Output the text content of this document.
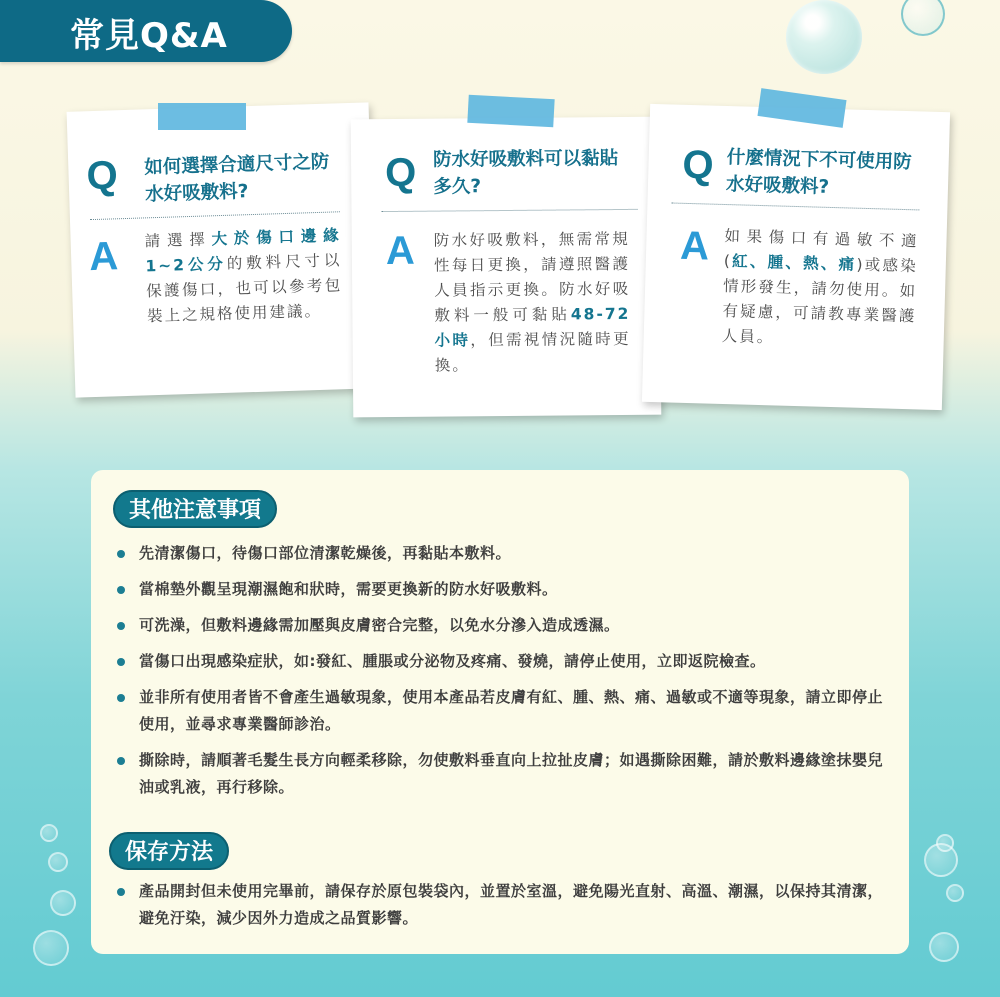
常見Q&A
Q 如何選擇合適尺寸之防水好吸敷料?
A 請選擇大於傷口邊緣1~2公分的敷料尺寸以保護傷口，也可以參考包裝上之規格使用建議。
Q 防水好吸敷料可以黏貼多久?
A 防水好吸敷料，無需常規性每日更換，請遵照醫護人員指示更換。防水好吸敷料一般可黏貼48-72小時，但需視情況隨時更換。
Q 什麼情況下不可使用防水好吸敷料?
A 如果傷口有過敏不適(紅、腫、熱、痛)或感染情形發生，請勿使用。如有疑慮，可請教專業醫護人員。
其他注意事項
先清潔傷口，待傷口部位清潔乾燥後，再黏貼本敷料。
當棉墊外觀呈現潮濕飽和狀時，需要更換新的防水好吸敷料。
可洗澡，但敷料邊緣需加壓與皮膚密合完整，以免水分滲入造成透濕。
當傷口出現感染症狀，如:發紅、腫脹或分泌物及疼痛、發燒，請停止使用，立即返院檢查。
並非所有使用者皆不會產生過敏現象，使用本產品若皮膚有紅、腫、熱、痛、過敏或不適等現象，請立即停止使用，並尋求專業醫師診治。
撕除時，請順著毛髮生長方向輕柔移除，勿使敷料垂直向上拉扯皮膚；如遇撕除困難，請於敷料邊緣塗抹嬰兒油或乳液，再行移除。
保存方法
產品開封但未使用完畢前，請保存於原包裝袋內，並置於室溫，避免陽光直射、高溫、潮濕，以保持其清潔，避免汙染，減少因外力造成之品質影響。
